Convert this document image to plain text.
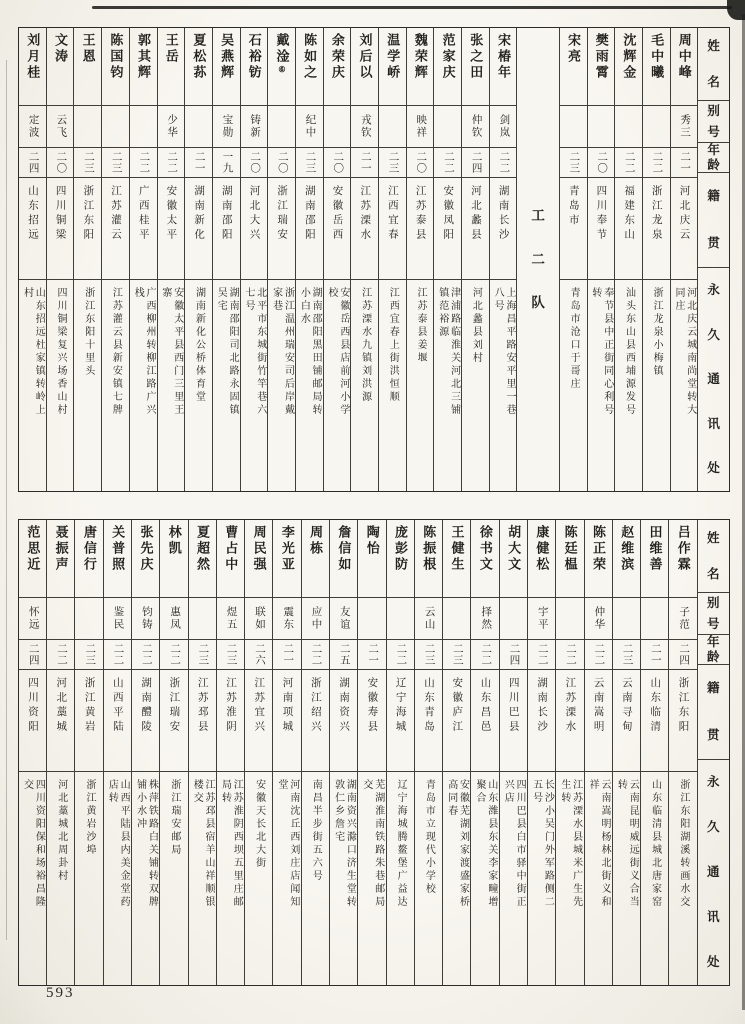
姓
名
别
号
年
龄
籍
贯
永
久
通
讯
处
周中峰
秀三
二一
河北庆云
河北庆云城南尚堂转大同庄
毛中曦
二二
浙江龙泉
浙江龙泉小梅镇
沈辉金
二二
福建东山
汕头东山县西埔源发号
樊雨霄
二〇
四川奉节
奉节县中正街同心利号转
宋亮
二三
青岛市
青岛市沧口于哥庄
工
二
队
宋椿年
剑岚
二二
湖南长沙
上海昌平路安平里一巷八号
张之田
仲钦
二四
河北蠡县
河北蠡县刘村
范家庆
二二
安徽凤阳
津浦路临淮关河北三铺镇范裕源
魏荣辉
映祥
二〇
江苏泰县
江苏泰县姜堰
温学峤
二三
江西宜春
江西宜春上街洪恒顺
刘后以
戎钦
二一
江苏溧水
江苏溧水九镇刘洪源
余荣庆
二〇
安徽岳西
安徽岳西县店前河小学校
陈如之
纪中
二三
湖南邵阳
湖南邵阳黑田铺邮局转小白水
戴淦⑥
二〇
浙江瑞安
浙江温州瑞安司后岸戴家巷
石裕钫
铸新
二〇
河北大兴
北平市东城街竹竿巷六七号
吴燕辉
宝勋
一九
湖南邵阳
湖南邵阳司北路永固镇吴宅
夏松荪
二一
湖南新化
湖南新化公桥体育堂
王岳
少华
二二
安徽太平
安徽太平县西门三里王寨
郭其辉
二二
广西桂平
广西柳州转柳江路广兴栈
陈国钧
二三
江苏灌云
江苏灌云县新安镇七牌
王恩
二三
浙江东阳
浙江东阳十里头
文涛
云飞
二〇
四川铜梁
四川铜梁复兴场香山村
刘月桂
定波
二四
山东招远
山东招远杜家镇转岭上村
姓
名
别
号
年
龄
籍
贯
永
久
通
讯
处
吕作霖
子范
二四
浙江东阳
浙江东阳湖溪转画水交
田维善
二一
山东临清
山东临清县城北唐家窑
赵维滨
二三
云南寻甸
云南昆明威远街义合当转
陈正荣
仲华
二二
云南嵩明
云南嵩明杨林北街义和祥
陈廷榅
二二
江苏溧水
江苏溧水县城米广生先生转
康健松
宇平
二二
湖南长沙
长沙小吴门外军路侧二五号
胡大文
二四
四川巴县
四川巴县白市驿中街正兴店
徐书文
择然
二二
山东昌邑
山东潍县东关李家疃增聚合
王健生
二三
安徽庐江
安徽芜湖刘家渡盛家桥高同春
陈振根
云山
二三
山东青岛
青岛市立现代小学校
庞彭防
二二
辽宁海城
辽宁海城腾鳌堡广益达
陶怡
二一
安徽寿县
芜湖淮南铁路朱巷邮局交
詹信如
友谊
二五
湖南资兴
湖南资兴滁口济生堂转敦仁乡詹宅
周栋
应中
二二
浙江绍兴
南昌半步街五六号
李光亚
震东
二一
河南项城
河南沈丘西刘庄店闻知堂
周民强
联如
二六
江苏宜兴
安徽天长北大街
曹占中
煜五
二三
江苏淮阴
江苏淮阴西坝五里庄邮局转
夏超然
二三
江苏邳县
江苏邳县宿羊山祥顺银楼交
林凯
惠凤
二二
浙江瑞安
浙江瑞安邮局
张先庆
钧铸
二二
湖南醴陵
株萍铁路白关铺转双牌铺小水冲
关普照
鉴民
二二
山西平陆
山西平陆县内美金堂药店转
唐信行
二三
浙江黄岩
浙江黄岩沙埠
聂振声
二二
河北藁城
河北藁城北周卦村
范思近
怀远
二四
四川资阳
四川资阳保和场裕昌隆交
593
